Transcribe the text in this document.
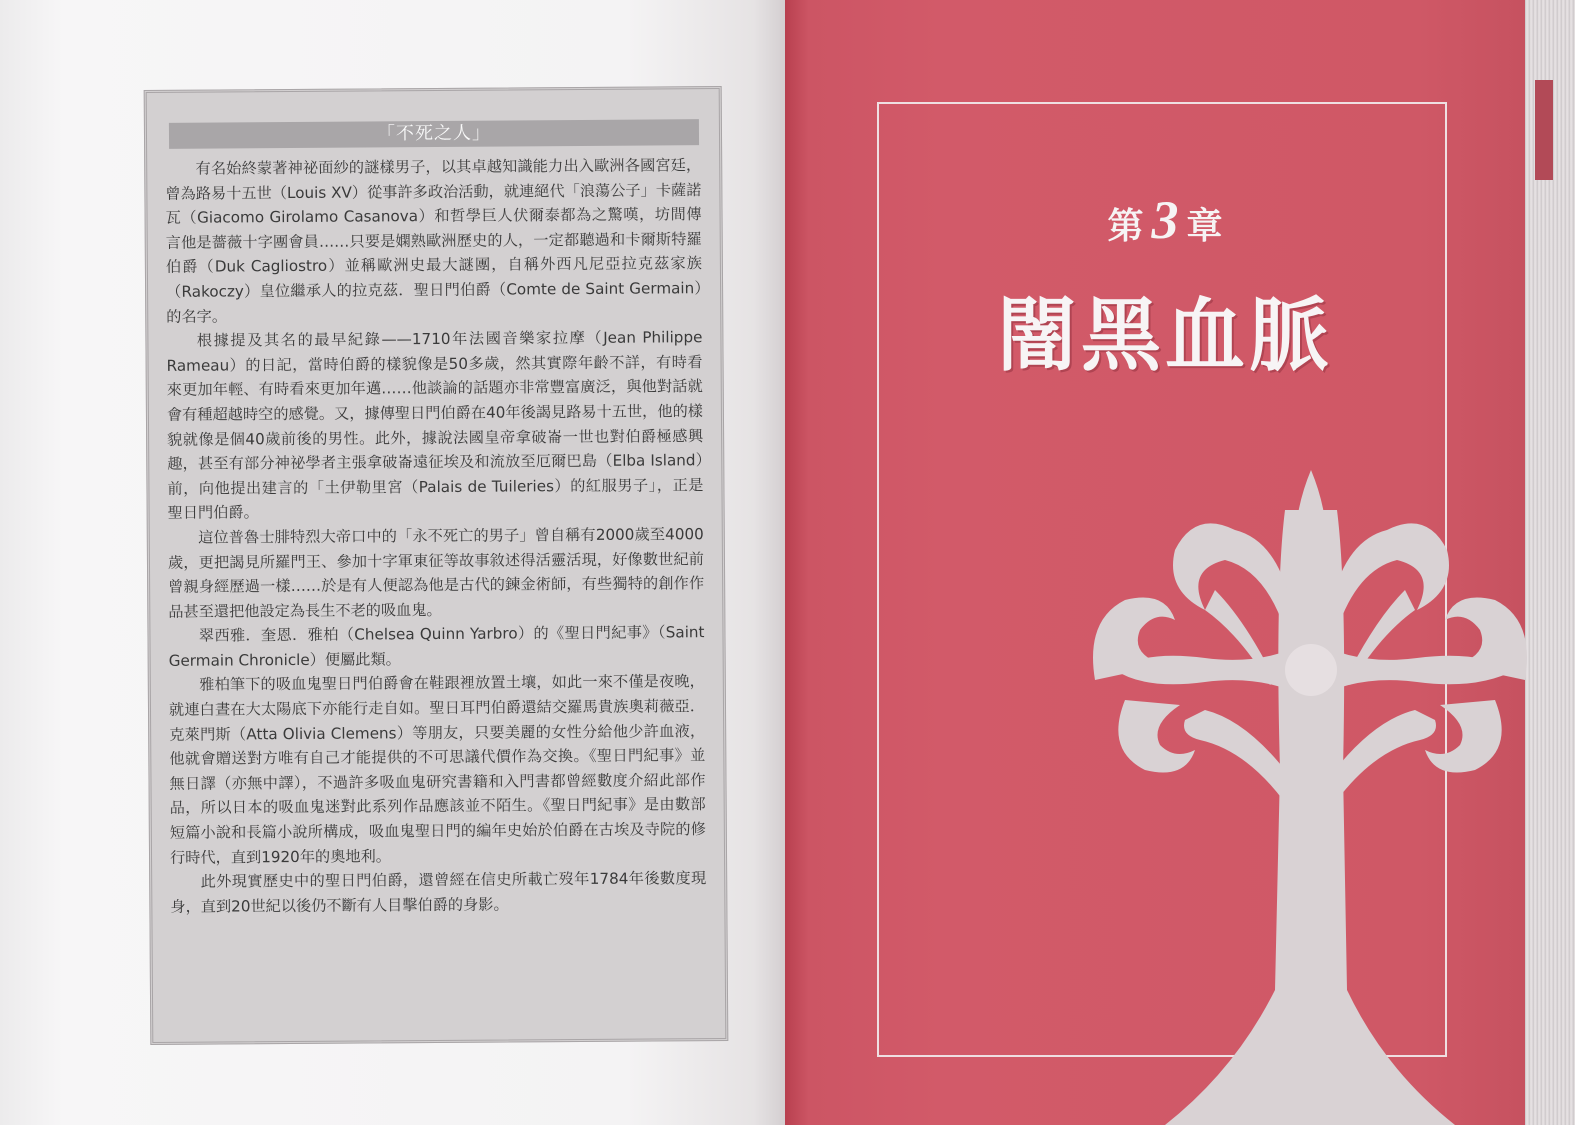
「不死之人」

有名始終蒙著神祕面紗的謎樣男子，以其卓越知識能力出入歐洲各國宮廷，曾為路易十五世（Louis XV）從事許多政治活動，就連絕代「浪蕩公子」卡薩諾瓦（Giacomo Girolamo Casanova）和哲學巨人伏爾泰都為之驚嘆，坊間傳言他是薔薇十字團會員……只要是嫻熟歐洲歷史的人，一定都聽過和卡爾斯特羅伯爵（Duk Cagliostro）並稱歐洲史最大謎團，自稱外西凡尼亞拉克茲家族（Rakoczy）皇位繼承人的拉克茲．聖日門伯爵（Comte de Saint Germain）的名字。

根據提及其名的最早紀錄——1710年法國音樂家拉摩（Jean Philippe Rameau）的日記，當時伯爵的樣貌像是50多歲，然其實際年齡不詳，有時看來更加年輕、有時看來更加年邁……他談論的話題亦非常豐富廣泛，與他對話就會有種超越時空的感覺。又，據傳聖日門伯爵在40年後謁見路易十五世，他的樣貌就像是個40歲前後的男性。此外，據說法國皇帝拿破崙一世也對伯爵極感興趣，甚至有部分神祕學者主張拿破崙遠征埃及和流放至厄爾巴島（Elba Island）前，向他提出建言的「土伊勒里宮（Palais de Tuileries）的紅服男子」，正是聖日門伯爵。

這位普魯士腓特烈大帝口中的「永不死亡的男子」曾自稱有2000歲至4000歲，更把謁見所羅門王、參加十字軍東征等故事敘述得活靈活現，好像數世紀前曾親身經歷過一樣……於是有人便認為他是古代的鍊金術師，有些獨特的創作作品甚至還把他設定為長生不老的吸血鬼。

翠西雅．奎恩．雅柏（Chelsea Quinn Yarbro）的《聖日門紀事》（Saint Germain Chronicle）便屬此類。

雅柏筆下的吸血鬼聖日門伯爵會在鞋跟裡放置土壤，如此一來不僅是夜晚，就連白晝在大太陽底下亦能行走自如。聖日耳門伯爵還結交羅馬貴族奧莉薇亞．克萊門斯（Atta Olivia Clemens）等朋友，只要美麗的女性分給他少許血液，他就會贈送對方唯有自己才能提供的不可思議代價作為交換。《聖日門紀事》並無日譯（亦無中譯），不過許多吸血鬼研究書籍和入門書都曾經數度介紹此部作品，所以日本的吸血鬼迷對此系列作品應該並不陌生。《聖日門紀事》是由數部短篇小說和長篇小說所構成，吸血鬼聖日門的編年史始於伯爵在古埃及寺院的修行時代，直到1920年的奧地利。

此外現實歷史中的聖日門伯爵，還曾經在信史所載亡歿年1784年後數度現身，直到20世紀以後仍不斷有人目擊伯爵的身影。

第 3 章
闇黑血脈
